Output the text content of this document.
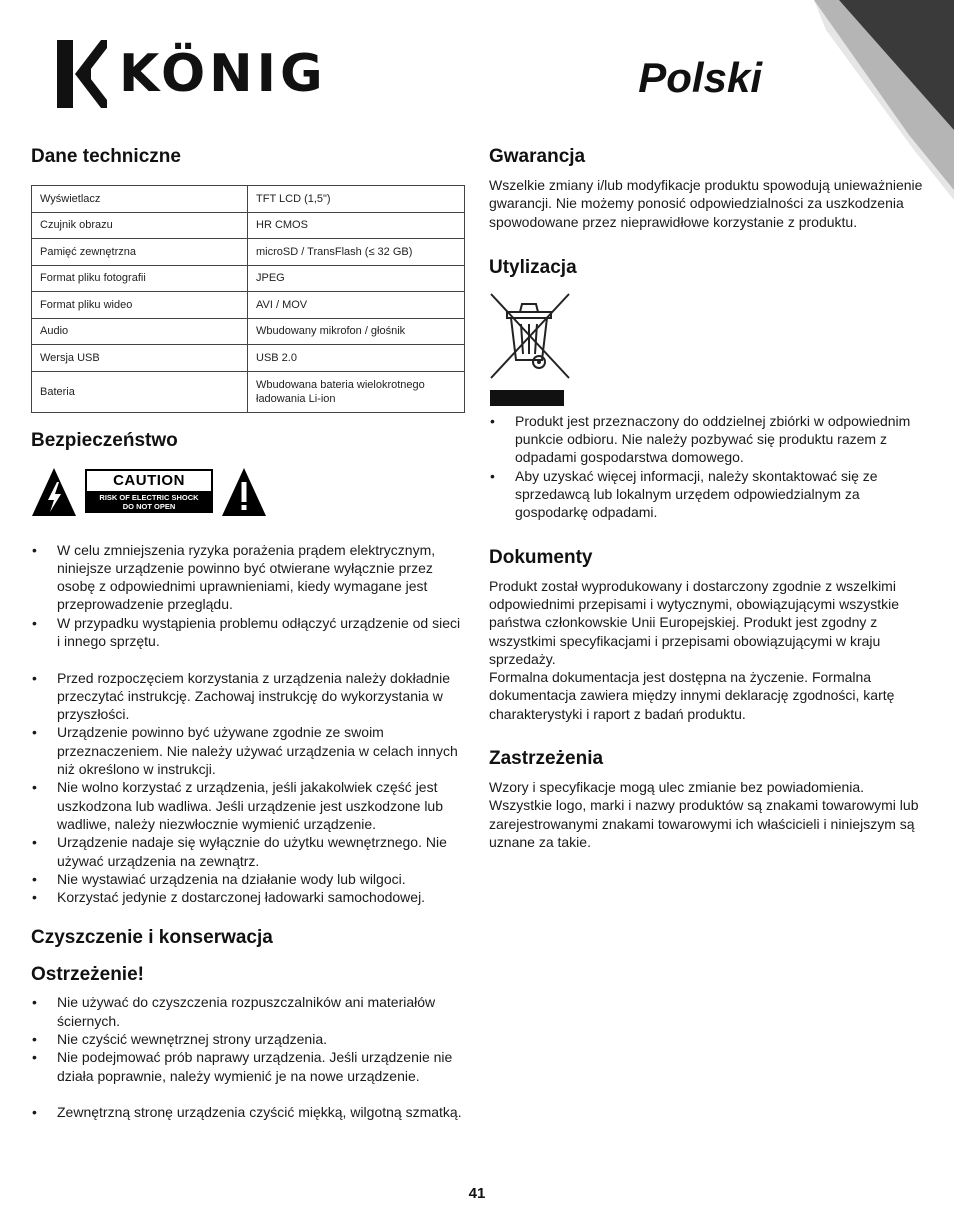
KÖNIG	Polski
Dane techniczne
Wyświetlacz	TFT LCD (1,5")
Czujnik obrazu	HR CMOS
Pamięć zewnętrzna	microSD / TransFlash (≤ 32 GB)
Format pliku fotografii	JPEG
Format pliku wideo	AVI / MOV
Audio	Wbudowany mikrofon / głośnik
Wersja USB	USB 2.0
Bateria	Wbudowana bateria wielokrotnego ładowania Li-ion
Bezpieczeństwo
CAUTION
RISK OF ELECTRIC SHOCK
DO NOT OPEN
• W celu zmniejszenia ryzyka porażenia prądem elektrycznym, niniejsze urządzenie powinno być otwierane wyłącznie przez osobę z odpowiednimi uprawnieniami, kiedy wymagane jest przeprowadzenie przeglądu.
• W przypadku wystąpienia problemu odłączyć urządzenie od sieci i innego sprzętu.
• Przed rozpoczęciem korzystania z urządzenia należy dokładnie przeczytać instrukcję. Zachowaj instrukcję do wykorzystania w przyszłości.
• Urządzenie powinno być używane zgodnie ze swoim przeznaczeniem. Nie należy używać urządzenia w celach innych niż określono w instrukcji.
• Nie wolno korzystać z urządzenia, jeśli jakakolwiek część jest uszkodzona lub wadliwa. Jeśli urządzenie jest uszkodzone lub wadliwe, należy niezwłocznie wymienić urządzenie.
• Urządzenie nadaje się wyłącznie do użytku wewnętrznego. Nie używać urządzenia na zewnątrz.
• Nie wystawiać urządzenia na działanie wody lub wilgoci.
• Korzystać jedynie z dostarczonej ładowarki samochodowej.
Czyszczenie i konserwacja
Ostrzeżenie!
• Nie używać do czyszczenia rozpuszczalników ani materiałów ściernych.
• Nie czyścić wewnętrznej strony urządzenia.
• Nie podejmować prób naprawy urządzenia. Jeśli urządzenie nie działa poprawnie, należy wymienić je na nowe urządzenie.
• Zewnętrzną stronę urządzenia czyścić miękką, wilgotną szmatką.
Gwarancja

Wszelkie zmiany i/lub modyfikacje produktu spowodują unieważnienie gwarancji. Nie możemy ponosić odpowiedzialności za uszkodzenia spowodowane przez nieprawidłowe korzystanie z produktu.

Utylizacja
• Produkt jest przeznaczony do oddzielnej zbiórki w odpowiednim punkcie odbioru. Nie należy pozbywać się produktu razem z odpadami gospodarstwa domowego.
• Aby uzyskać więcej informacji, należy skontaktować się ze sprzedawcą lub lokalnym urzędem odpowiedzialnym za gospodarkę odpadami.
Dokumenty

Produkt został wyprodukowany i dostarczony zgodnie z wszelkimi odpowiednimi przepisami i wytycznymi, obowiązującymi wszystkie państwa członkowskie Unii Europejskiej. Produkt jest zgodny z wszystkimi specyfikacjami i przepisami obowiązującymi w kraju sprzedaży.

Formalna dokumentacja jest dostępna na życzenie. Formalna dokumentacja zawiera między innymi deklarację zgodności, kartę charakterystyki i raport z badań produktu.

Zastrzeżenia

Wzory i specyfikacje mogą ulec zmianie bez powiadomienia. Wszystkie logo, marki i nazwy produktów są znakami towarowymi lub zarejestrowanymi znakami towarowymi ich właścicieli i niniejszym są uznane za takie.

41
